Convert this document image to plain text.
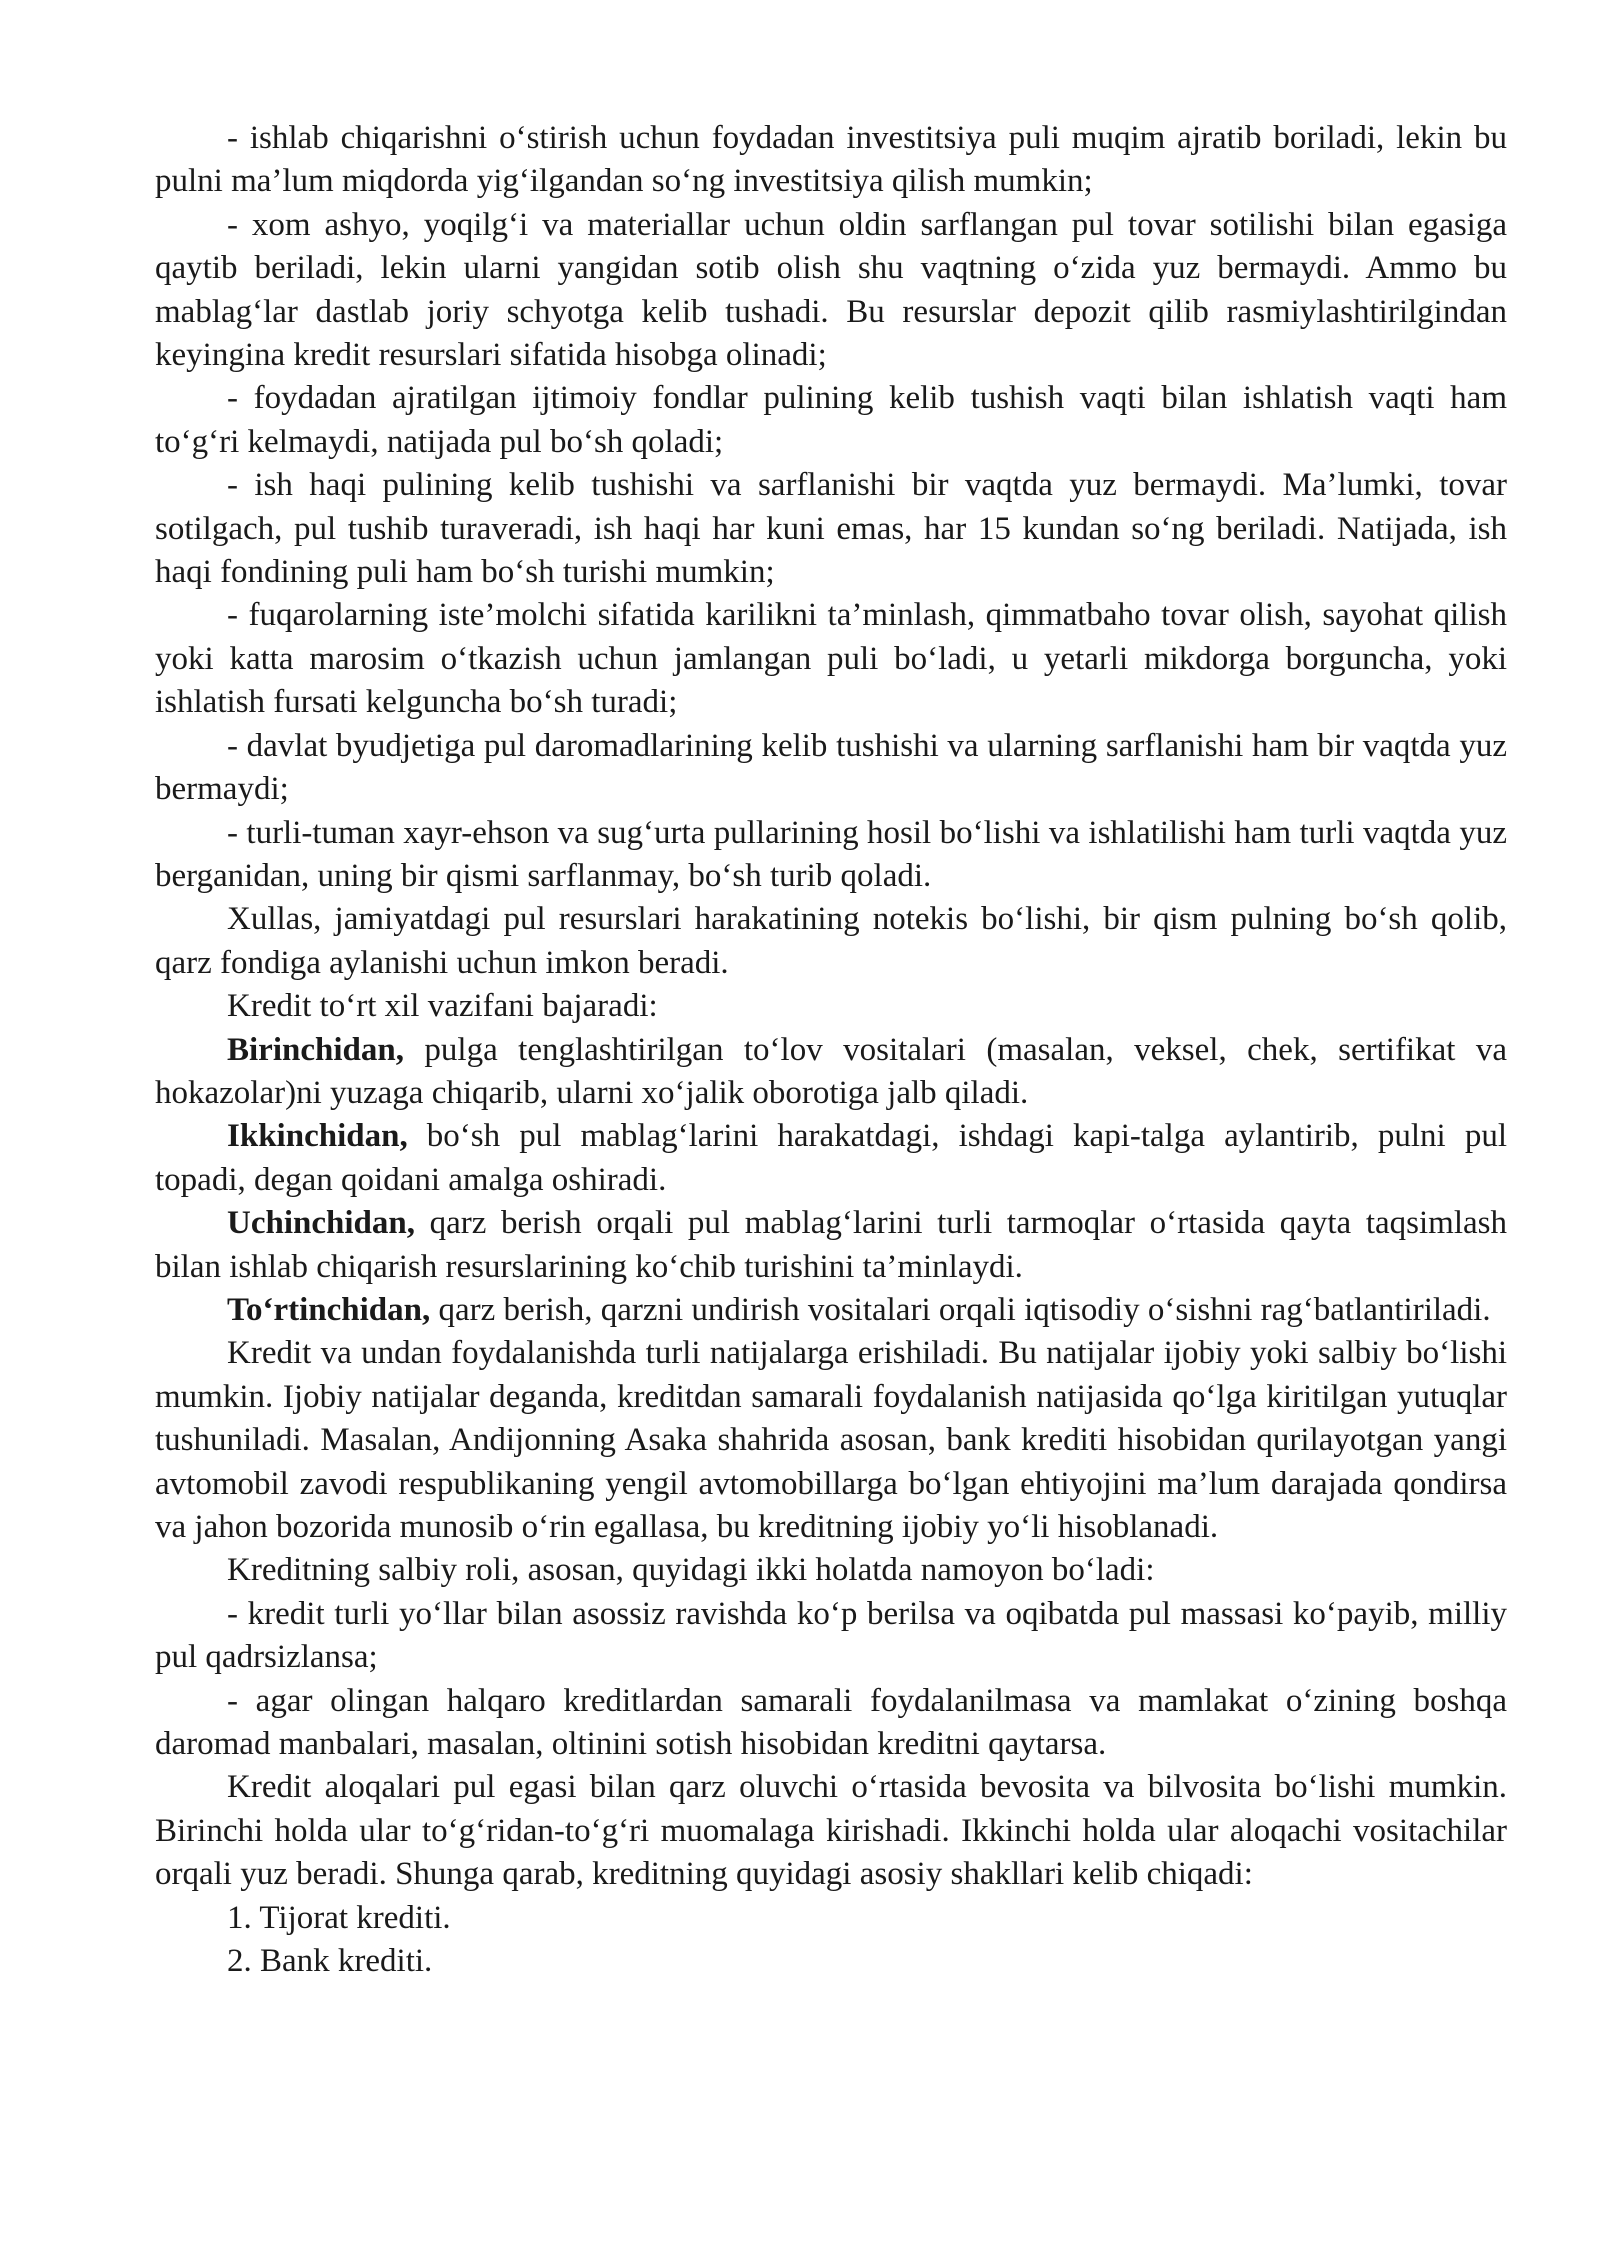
- ishlab chiqarishni o‘stirish uchun foydadan investitsiya puli muqim ajratib boriladi, lekin bu pulni ma’lum miqdorda yig‘ilgandan so‘ng investitsiya qilish mumkin;

- xom ashyo, yoqilg‘i va materiallar uchun oldin sarflangan pul tovar sotilishi bilan egasiga qaytib beriladi, lekin ularni yangidan sotib olish shu vaqtning o‘zida yuz bermaydi. Ammo bu mablag‘lar dastlab joriy schyotga kelib tushadi. Bu resurslar depozit qilib rasmiylashtirilgindan keyingina kredit resurslari sifatida hisobga olinadi;

- foydadan ajratilgan ijtimoiy fondlar pulining kelib tushish vaqti bilan ishlatish vaqti ham to‘g‘ri kelmaydi, natijada pul bo‘sh qoladi;

- ish haqi pulining kelib tushishi va sarflanishi bir vaqtda yuz bermaydi. Ma’lumki, tovar sotilgach, pul tushib turaveradi, ish haqi har kuni emas, har 15 kundan so‘ng beriladi. Natijada, ish haqi fondining puli ham bo‘sh turishi mumkin;

- fuqarolarning iste’molchi sifatida karilikni ta’minlash, qimmatbaho tovar olish, sayohat qilish yoki katta marosim o‘tkazish uchun jamlangan puli bo‘ladi, u yetarli mikdorga borguncha, yoki ishlatish fursati kelguncha bo‘sh turadi;

- davlat byudjetiga pul daromadlarining kelib tushishi va ularning sarflanishi ham bir vaqtda yuz bermaydi;

- turli-tuman xayr-ehson va sug‘urta pullarining hosil bo‘lishi va ishlatilishi ham turli vaqtda yuz berganidan, uning bir qismi sarflanmay, bo‘sh turib qoladi.

Xullas, jamiyatdagi pul resurslari harakatining notekis bo‘lishi, bir qism pulning bo‘sh qolib, qarz fondiga aylanishi uchun imkon beradi.

Kredit to‘rt xil vazifani bajaradi:

Birinchidan, pulga tenglashtirilgan to‘lov vositalari (masalan, veksel, chek, sertifikat va hokazolar)ni yuzaga chiqarib, ularni xo‘jalik oborotiga jalb qiladi.

Ikkinchidan, bo‘sh pul mablag‘larini harakatdagi, ishdagi kapi-talga aylantirib, pulni pul topadi, degan qoidani amalga oshiradi.

Uchinchidan, qarz berish orqali pul mablag‘larini turli tarmoqlar o‘rtasida qayta taqsimlash bilan ishlab chiqarish resurslarining ko‘chib turishini ta’minlaydi.

To‘rtinchidan, qarz berish, qarzni undirish vositalari orqali iqtisodiy o‘sishni rag‘batlantiriladi.

Kredit va undan foydalanishda turli natijalarga erishiladi. Bu natijalar ijobiy yoki salbiy bo‘lishi mumkin. Ijobiy natijalar deganda, kreditdan samarali foydalanish natijasida qo‘lga kiritilgan yutuqlar tushuniladi. Masalan, Andijonning Asaka shahrida asosan, bank krediti hisobidan qurilayotgan yangi avtomobil zavodi respublikaning yengil avtomobillarga bo‘lgan ehtiyojini ma’lum darajada qondirsa va jahon bozorida munosib o‘rin egallasa, bu kreditning ijobiy yo‘li hisoblanadi.

Kreditning salbiy roli, asosan, quyidagi ikki holatda namoyon bo‘ladi:

- kredit turli yo‘llar bilan asossiz ravishda ko‘p berilsa va oqibatda pul massasi ko‘payib, milliy pul qadrsizlansa;

- agar olingan halqaro kreditlardan samarali foydalanilmasa va mamlakat o‘zining boshqa daromad manbalari, masalan, oltinini sotish hisobidan kreditni qaytarsa.

Kredit aloqalari pul egasi bilan qarz oluvchi o‘rtasida bevosita va bilvosita bo‘lishi mumkin. Birinchi holda ular to‘g‘ridan-to‘g‘ri muomalaga kirishadi. Ikkinchi holda ular aloqachi vositachilar orqali yuz beradi. Shunga qarab, kreditning quyidagi asosiy shakllari kelib chiqadi:

1. Tijorat krediti.

2. Bank krediti.
